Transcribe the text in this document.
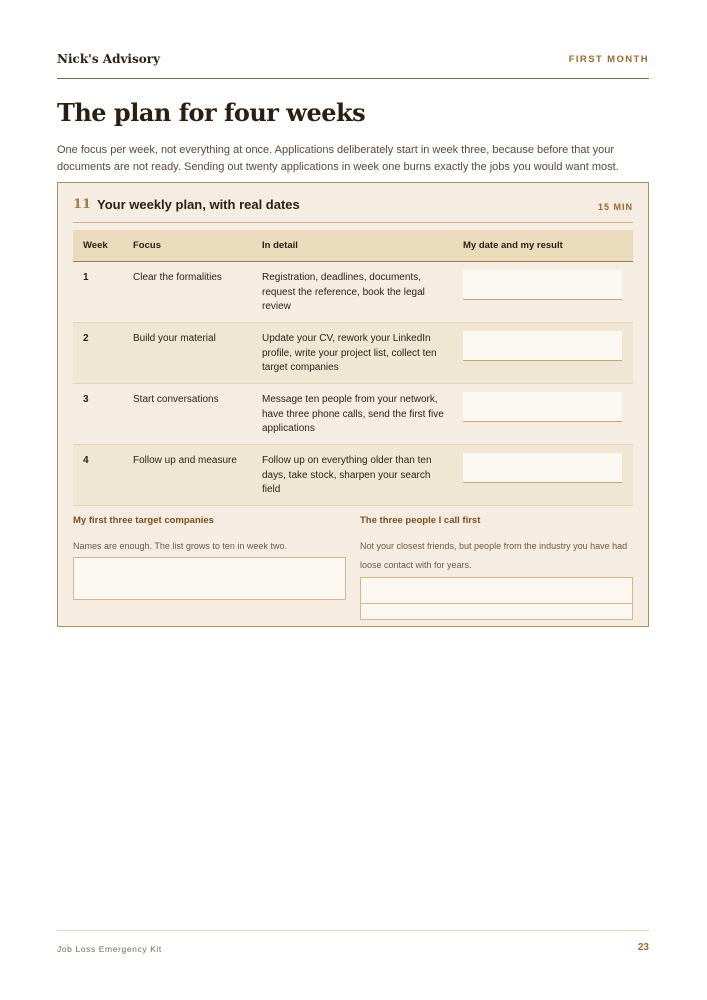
Nick's Advisory	FIRST MONTH
The plan for four weeks

One focus per week, not everything at once. Applications deliberately start in week three, because before that your documents are not ready. Sending out twenty applications in week one burns exactly the jobs you would want most.

11 Your weekly plan, with real dates	15 MIN
Week	Focus	In detail	My date and my result
1	Clear the formalities	Registration, deadlines, documents, request the reference, book the legal review
2	Build your material	Update your CV, rework your LinkedIn profile, write your project list, collect ten target companies
3	Start conversations	Message ten people from your network, have three phone calls, send the first five applications
4	Follow up and measure	Follow up on everything older than ten days, take stock, sharpen your search field
My first three target companies
Names are enough. The list grows to ten in week two.
The three people I call first
Not your closest friends, but people from the industry you have had loose contact with for years.
Job Loss Emergency Kit	23
